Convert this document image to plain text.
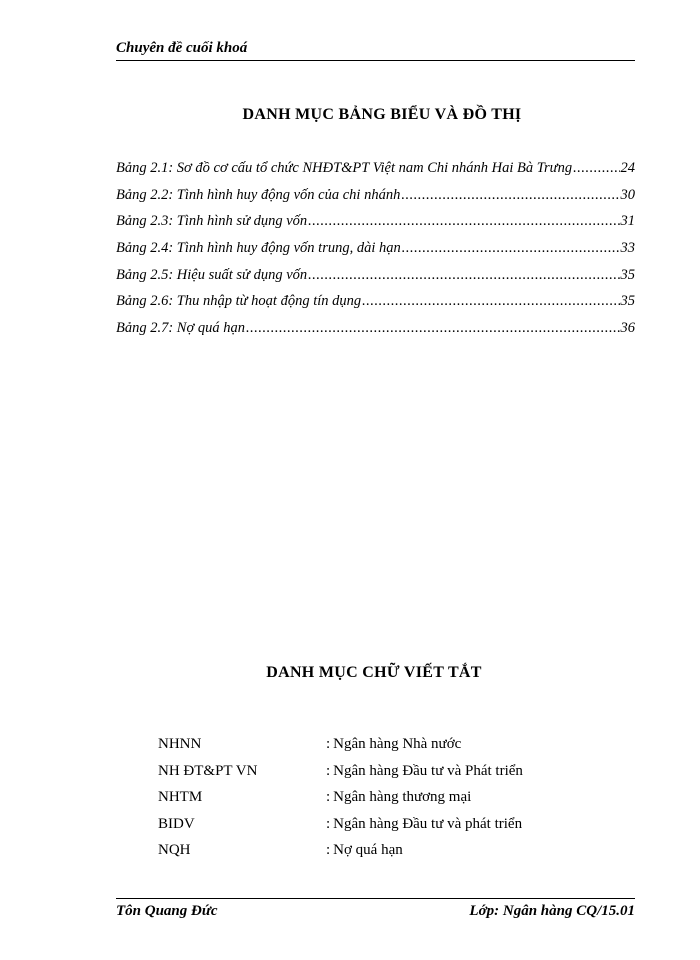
Chuyên đề cuối khoá
DANH MỤC BẢNG BIỂU VÀ ĐỒ THỊ
Bảng 2.1: Sơ đồ cơ cấu tổ chức NHĐT&PT Việt nam Chi nhánh Hai Bà Trưng .....	24
Bảng 2.2: Tình hình huy động vốn của chi nhánh .....	30
Bảng 2.3: Tình hình sử dụng vốn .....	31
Bảng 2.4: Tình hình huy động vốn trung, dài hạn .....	33
Bảng 2.5: Hiệu suất sử dụng vốn .....	35
Bảng 2.6: Thu nhập từ hoạt động tín dụng .....	35
Bảng 2.7: Nợ quá hạn .....	36
DANH MỤC CHỮ VIẾT TẮT
NHNN	: Ngân hàng Nhà nước
NH ĐT&PT VN	: Ngân hàng Đầu tư và Phát triển
NHTM	: Ngân hàng thương mại
BIDV	: Ngân hàng Đầu tư và phát triển
NQH	: Nợ quá hạn
Tôn Quang Đức	Lớp: Ngân hàng CQ/15.01
